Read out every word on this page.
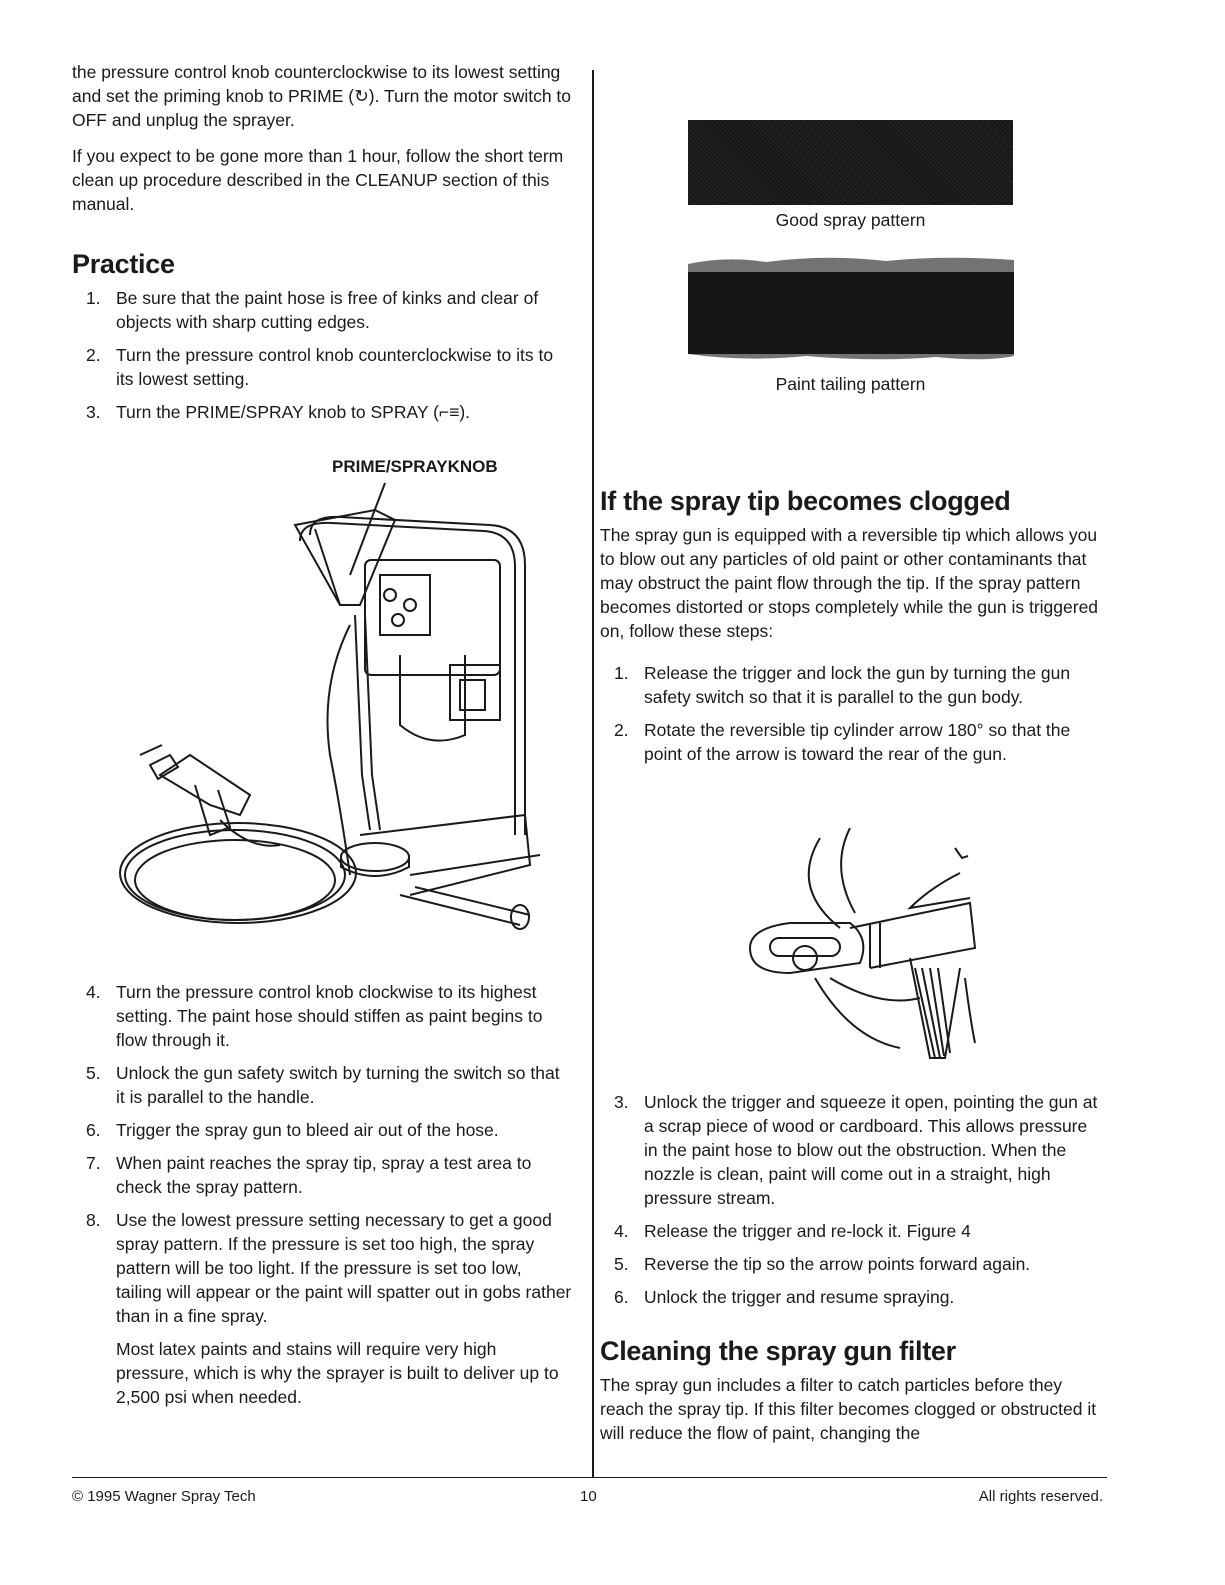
the pressure control knob counterclockwise to its lowest setting and set the priming knob to PRIME (↻). Turn the motor switch to OFF and unplug the sprayer.

If you expect to be gone more than 1 hour, follow the short term clean up procedure described in the CLEANUP section of this manual.

Practice
1. Be sure that the paint hose is free of kinks and clear of objects with sharp cutting edges.
2. Turn the pressure control knob counterclockwise to its to its lowest setting.
3. Turn the PRIME/SPRAY knob to SPRAY (⌐≡).
PRIME/SPRAYKNOB
4. Turn the pressure control knob clockwise to its highest setting. The paint hose should stiffen as paint begins to flow through it.
5. Unlock the gun safety switch by turning the switch so that it is parallel to the handle.
6. Trigger the spray gun to bleed air out of the hose.
7. When paint reaches the spray tip, spray a test area to check the spray pattern.
8. Use the lowest pressure setting necessary to get a good spray pattern. If the pressure is set too high, the spray pattern will be too light. If the pressure is set too low, tailing will appear or the paint will spatter out in gobs rather than in a fine spray.

Most latex paints and stains will require very high pressure, which is why the sprayer is built to deliver up to 2,500 psi when needed.

Good spray pattern
Paint tailing pattern
If the spray tip becomes clogged

The spray gun is equipped with a reversible tip which allows you to blow out any particles of old paint or other contaminants that may obstruct the paint flow through the tip. If the spray pattern becomes distorted or stops completely while the gun is triggered on, follow these steps:

1. Release the trigger and lock the gun by turning the gun safety switch so that it is parallel to the gun body.
2. Rotate the reversible tip cylinder arrow 180° so that the point of the arrow is toward the rear of the gun.
3. Unlock the trigger and squeeze it open, pointing the gun at a scrap piece of wood or cardboard. This allows pressure in the paint hose to blow out the obstruction. When the nozzle is clean, paint will come out in a straight, high pressure stream.
4. Release the trigger and re-lock it. Figure 4
5. Reverse the tip so the arrow points forward again.
6. Unlock the trigger and resume spraying.
Cleaning the spray gun filter

The spray gun includes a filter to catch particles before they reach the spray tip. If this filter becomes clogged or obstructed it will reduce the flow of paint, changing the

© 1995 Wagner Spray Tech	10	All rights reserved.
